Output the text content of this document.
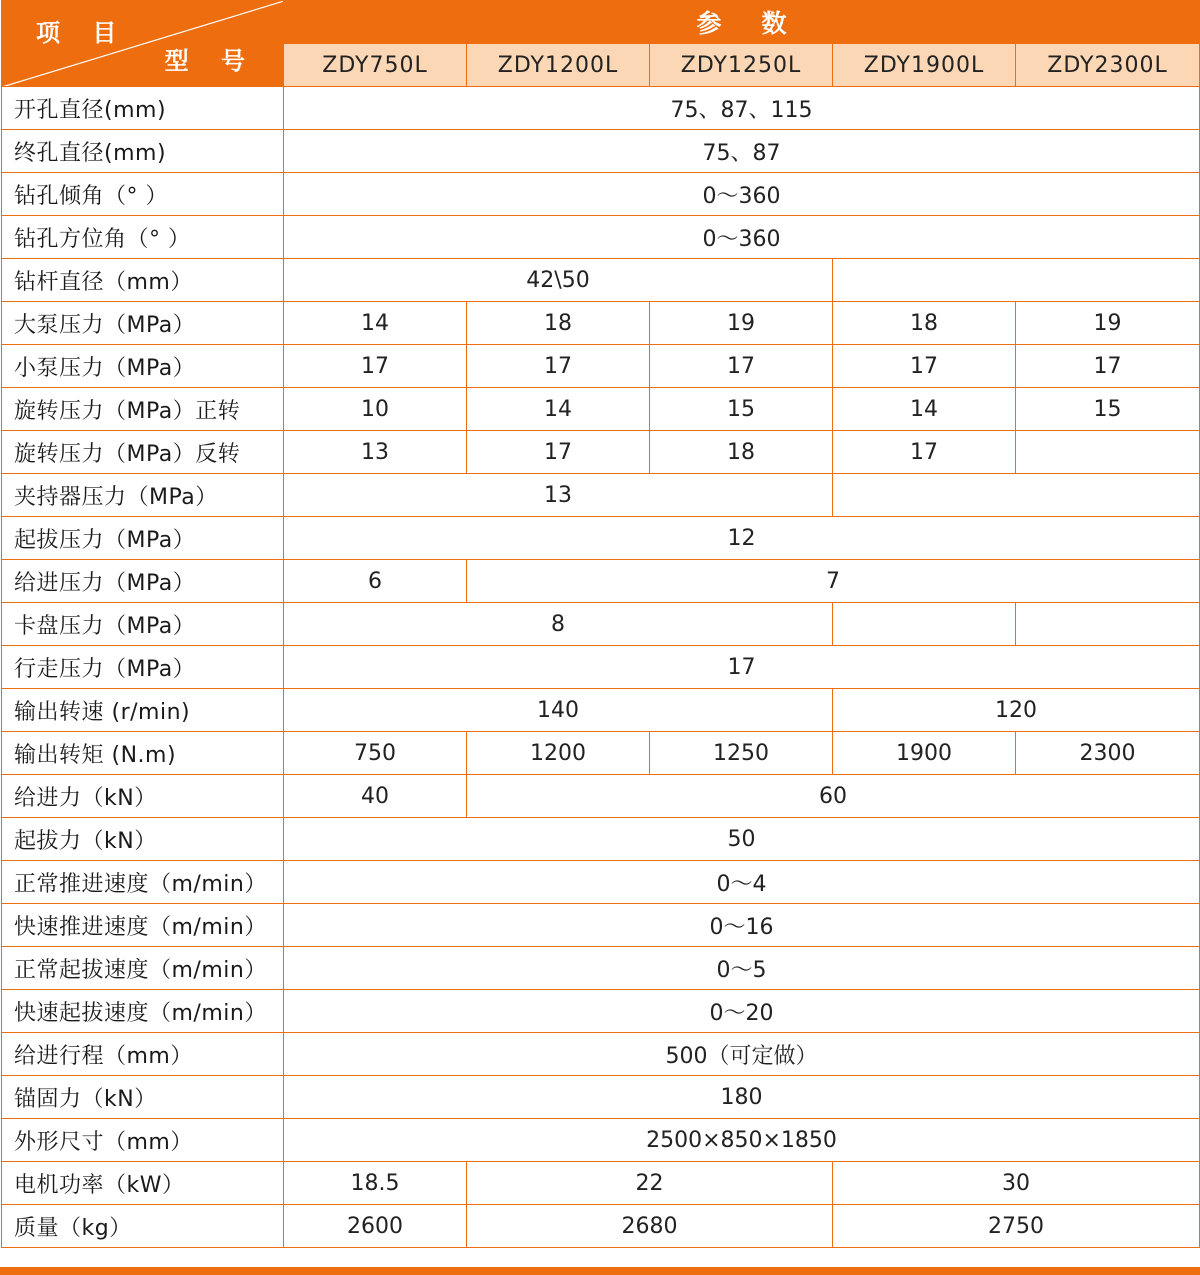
项 目
型 号	参数				
	ZDY750L	ZDY1200L	ZDY1250L	ZDY1900L	ZDY2300L
开孔直径(mm)	75、87、115				
终孔直径(mm)	75、87				
钻孔倾角（° ）	0～360				
钻孔方位角（° ）	0～360				
钻杆直径（mm）	42\50				
大泵压力（MPa）	14	18	19	18	19
小泵压力（MPa）	17	17	17	17	17
旋转压力（MPa）正转	10	14	15	14	15
旋转压力（MPa）反转	13	17	18	17	
夹持器压力（MPa）	13				
起拔压力（MPa）	12				
给进压力（MPa）	6	7			
卡盘压力（MPa）	8				
行走压力（MPa）	17				
输出转速 (r/min)	140			120	
输出转矩 (N.m)	750	1200	1250	1900	2300
给进力（kN）	40	60			
起拔力（kN）	50				
正常推进速度（m/min）	0～4				
快速推进速度（m/min）	0～16				
正常起拔速度（m/min）	0～5				
快速起拔速度（m/min）	0～20				
给进行程（mm）	500（可定做）				
锚固力（kN）	180				
外形尺寸（mm）	2500×850×1850				
电机功率（kW）	18.5	22		30	
质量（kg）	2600	2680		2750	
